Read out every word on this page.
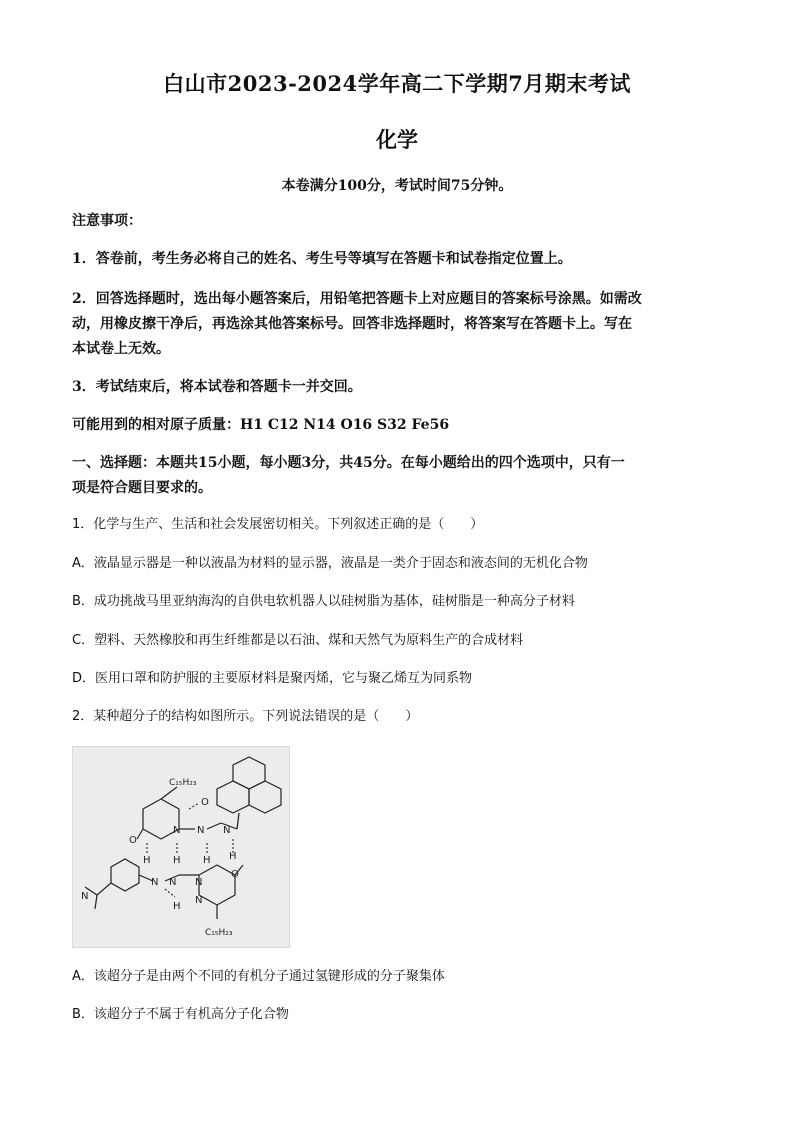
白山市2023-2024学年高二下学期7月期末考试
化学
本卷满分100分，考试时间75分钟。
注意事项：
1．答卷前，考生务必将自己的姓名、考生号等填写在答题卡和试卷指定位置上。
2．回答选择题时，选出每小题答案后，用铅笔把答题卡上对应题目的答案标号涂黑。如需改
动，用橡皮擦干净后，再选涂其他答案标号。回答非选择题时，将答案写在答题卡上。写在
本试卷上无效。
3．考试结束后，将本试卷和答题卡一并交回。
可能用到的相对原子质量：H1 C12 N14 O16 S32 Fe56
一、选择题：本题共15小题，每小题3分，共45分。在每小题给出的四个选项中，只有一
项是符合题目要求的。
1．化学与生产、生活和社会发展密切相关。下列叙述正确的是（　　）
A．液晶显示器是一种以液晶为材料的显示器，液晶是一类介于固态和液态间的无机化合物
B．成功挑战马里亚纳海沟的自供电软机器人以硅树脂为基体，硅树脂是一种高分子材料
C．塑料、天然橡胶和再生纤维都是以石油、煤和天然气为原料生产的合成材料
D．医用口罩和防护服的主要原材料是聚丙烯，它与聚乙烯互为同系物
2．某种超分子的结构如图所示。下列说法错误的是（　　）
C₁₅H₂₃
O
O
O
N N N
N N N
N
N
H H H H
H
C₁₅H₂₃
A．该超分子是由两个不同的有机分子通过氢键形成的分子聚集体
B．该超分子不属于有机高分子化合物
